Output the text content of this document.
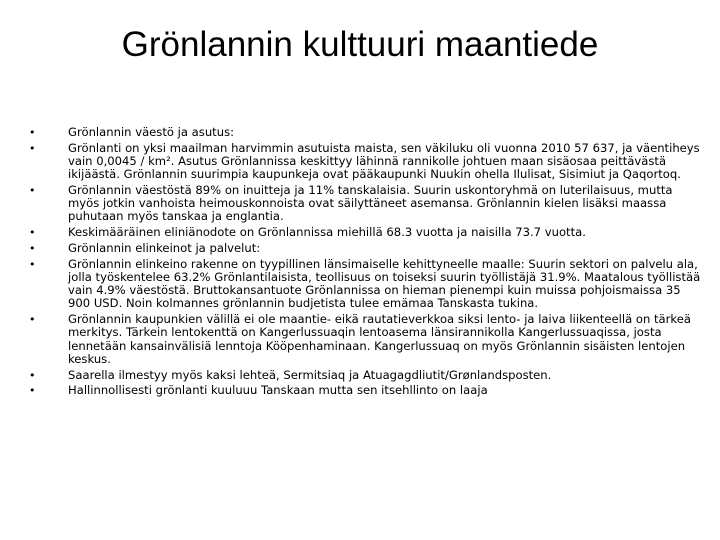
Grönlannin kulttuuri maantiede
•	Grönlannin väestö ja asutus:
•	Grönlanti on yksi maailman harvimmin asutuista maista, sen väkiluku oli vuonna 2010 57 637, ja väentiheys vain 0,0045 / km². Asutus Grönlannissa keskittyy lähinnä rannikolle johtuen maan sisäosaa peittävästä ikijäästä. Grönlannin suurimpia kaupunkeja ovat pääkaupunki Nuukin ohella Ilulisat, Sisimiut ja Qaqortoq.
•	Grönlannin väestöstä 89% on inuitteja ja 11% tanskalaisia. Suurin uskontoryhmä on luterilaisuus, mutta myös jotkin vanhoista heimouskonnoista ovat säilyttäneet asemansa. Grönlannin kielen lisäksi maassa puhutaan myös tanskaa ja englantia.
•	Keskimääräinen eliniänodote on Grönlannissa miehillä 68.3 vuotta ja naisilla 73.7 vuotta.
•	Grönlannin elinkeinot ja palvelut:
•	Grönlannin elinkeino rakenne on tyypillinen länsimaiselle kehittyneelle maalle: Suurin sektori on palvelu ala, jolla työskentelee 63.2% Grönlantilaisista, teollisuus on toiseksi suurin työllistäjä 31.9%. Maatalous työllistää vain 4.9% väestöstä. Bruttokansantuote Grönlannissa on hieman pienempi kuin muissa pohjoismaissa 35 900 USD. Noin kolmannes grönlannin budjetista tulee emämaa Tanskasta tukina.
•	Grönlannin kaupunkien välillä ei ole maantie- eikä rautatieverkkoa siksi lento- ja laiva liikenteellä on tärkeä merkitys. Tärkein lentokenttä on Kangerlussuaqin lentoasema länsirannikolla Kangerlussuaqissa, josta lennetään kansainvälisiä lenntoja Kööpenhaminaan. Kangerlussuaq on myös Grönlannin sisäisten lentojen keskus.
•	Saarella ilmestyy myös kaksi lehteä, Sermitsiaq ja Atuagagdliutit/Grønlandsposten.
•	Hallinnollisesti grönlanti kuuluuu Tanskaan mutta sen itsehllinto on laaja
